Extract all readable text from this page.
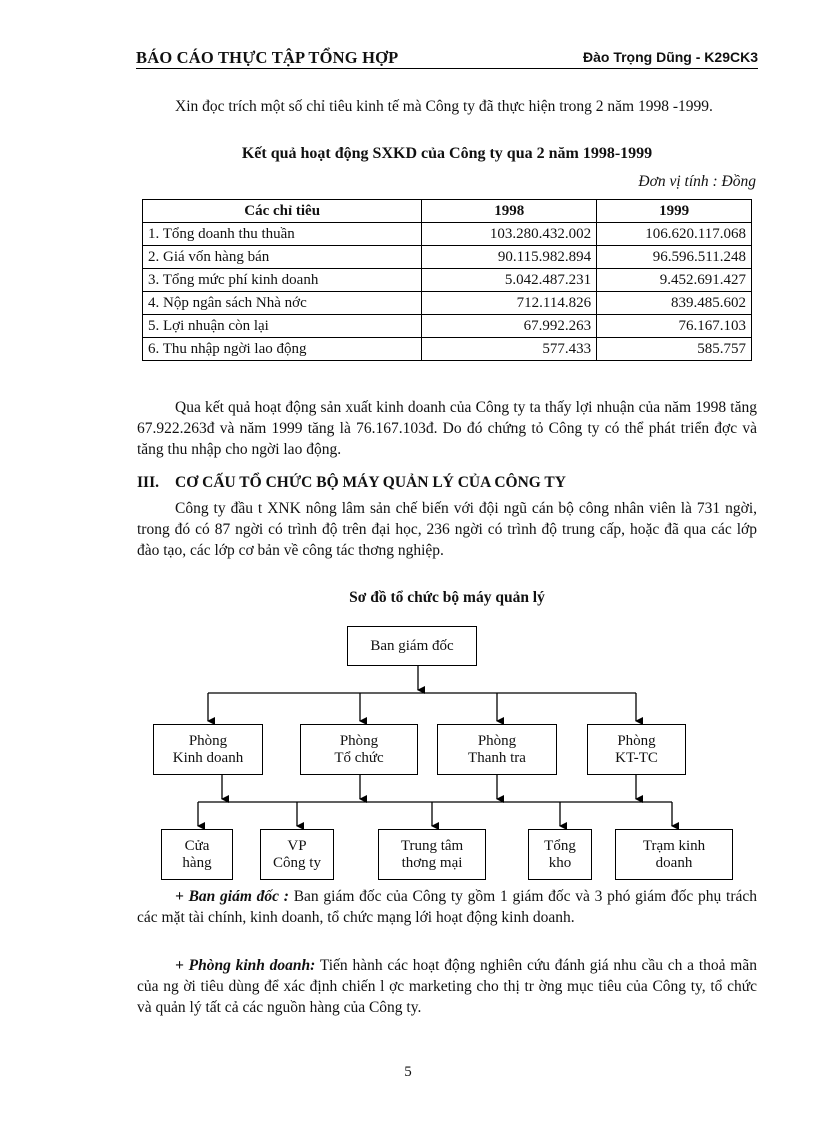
BÁO CÁO THỰC TẬP TỔNG HỢP	Đào Trọng Dũng - K29CK3
Xin đọc trích một số chỉ tiêu kinh tế mà Công ty đã thực hiện trong 2 năm 1998 -1999.
Kết quả hoạt động SXKD của Công ty qua 2 năm 1998-1999
Đơn vị tính : Đồng
Các chỉ tiêu	1998	1999
1. Tổng doanh thu thuần	103.280.432.002	106.620.117.068
2. Giá vốn hàng bán	90.115.982.894	96.596.511.248
3. Tổng mức phí kinh doanh	5.042.487.231	9.452.691.427
4. Nộp ngân sách Nhà nớc	712.114.826	839.485.602
5. Lợi nhuận còn lại	67.992.263	76.167.103
6. Thu nhập ngời lao động	577.433	585.757
Qua kết quả hoạt động sản xuất kinh doanh của Công ty ta thấy lợi nhuận của năm 1998 tăng 67.922.263đ và năm 1999 tăng là 76.167.103đ. Do đó chứng tỏ Công ty có thể phát triển đợc và tăng thu nhập cho ngời lao động.
III. CƠ CẤU TỔ CHỨC BỘ MÁY QUẢN LÝ CỦA CÔNG TY
Công ty đầu t XNK nông lâm sản chế biến với đội ngũ cán bộ công nhân viên là 731 ngời, trong đó có 87 ngời có trình độ trên đại học, 236 ngời có trình độ trung cấp, hoặc đã qua các lớp đào tạo, các lớp cơ bản về công tác thơng nghiệp.
Sơ đồ tổ chức bộ máy quản lý
Ban giám đốc
Phòng
Kinh doanh
Phòng
Tổ chức
Phòng
Thanh tra
Phòng
KT-TC
Cửa
hàng
VP
Công ty
Trung tâm
thơng mại
Tổng
kho
Trạm kinh
doanh
+ Ban giám đốc : Ban giám đốc của Công ty gồm 1 giám đốc và 3 phó giám đốc phụ trách các mặt tài chính, kinh doanh, tổ chức mạng lới hoạt động kinh doanh.
+ Phòng kinh doanh: Tiến hành các hoạt động nghiên cứu đánh giá nhu cầu ch a thoả mãn của ng ời tiêu dùng để xác định chiến l ợc marketing cho thị tr ờng mục tiêu của Công ty, tổ chức và quản lý tất cả các nguồn hàng của Công ty.
5
